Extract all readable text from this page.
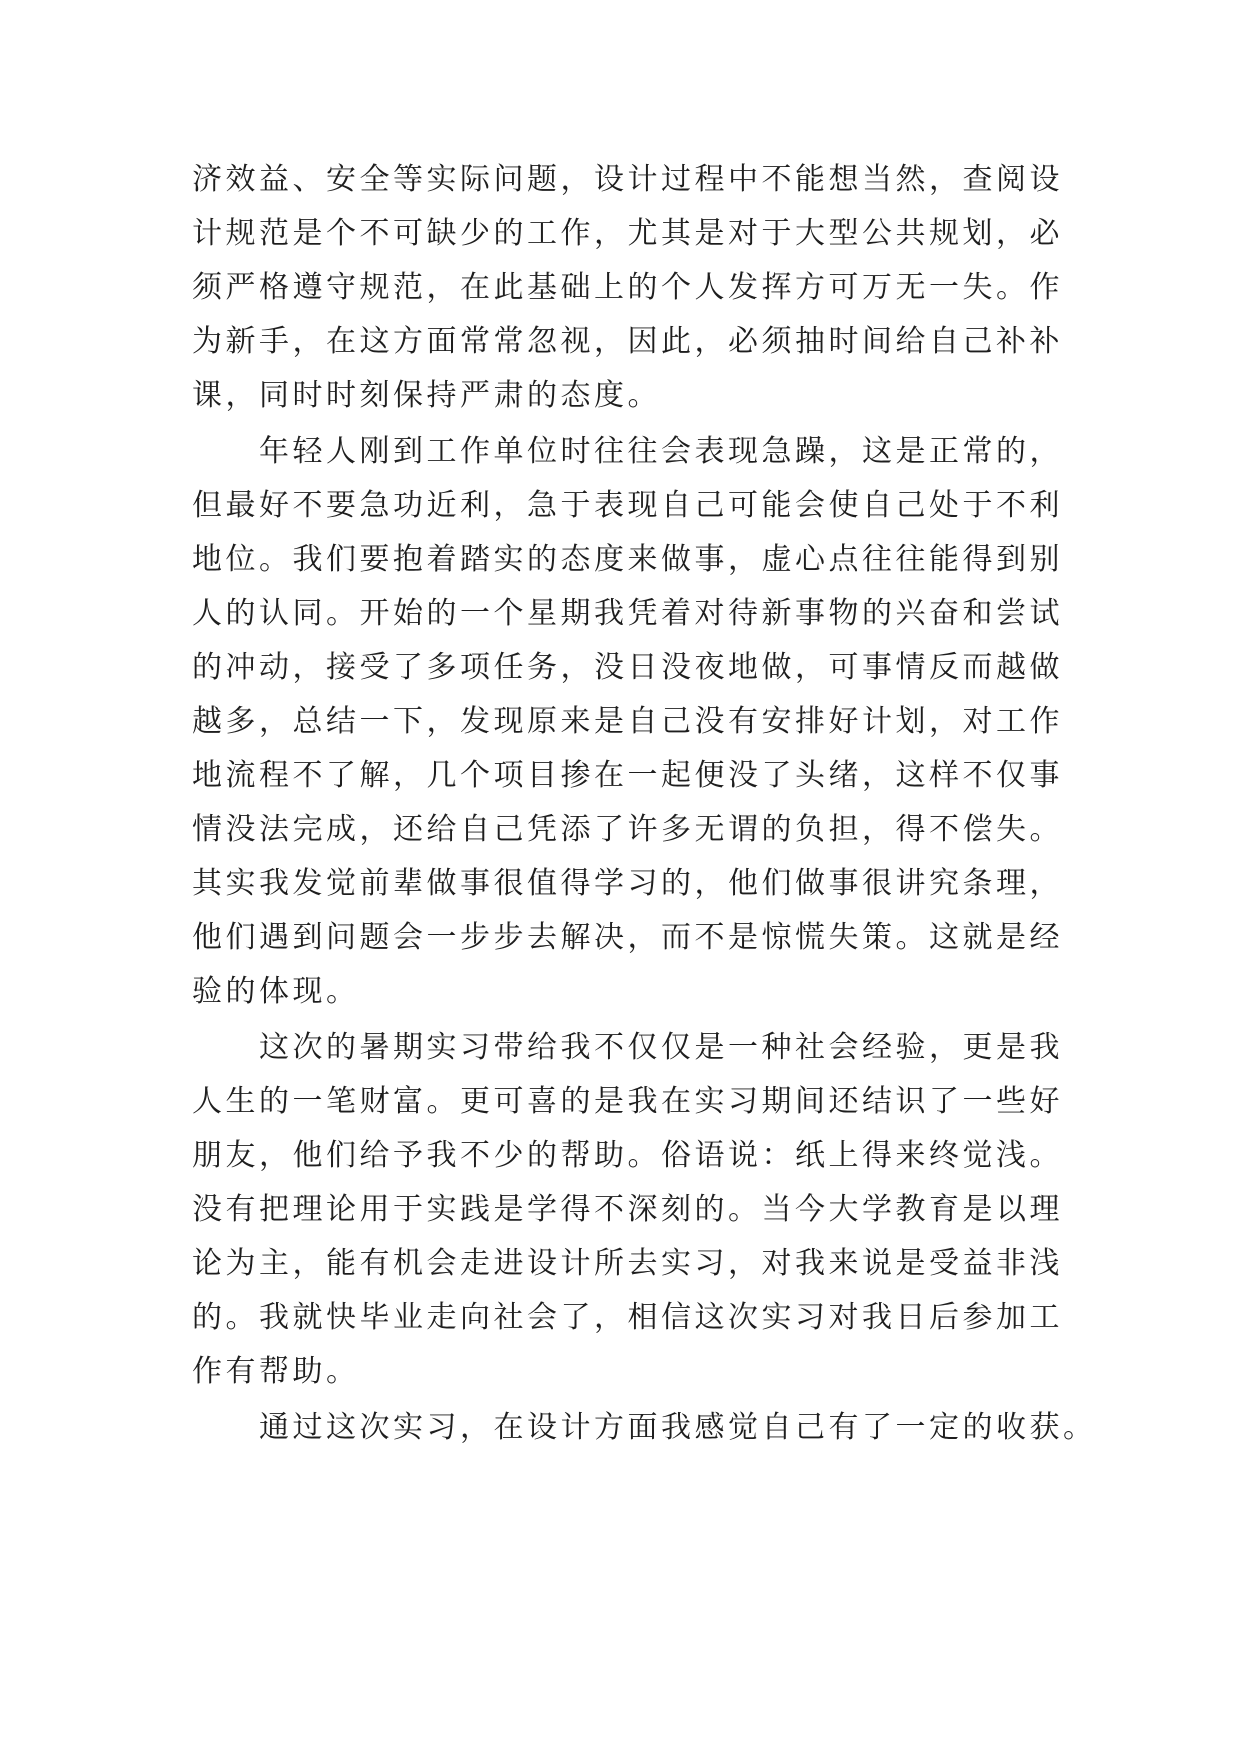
济效益、安全等实际问题，设计过程中不能想当然，查阅设
计规范是个不可缺少的工作，尤其是对于大型公共规划，必
须严格遵守规范，在此基础上的个人发挥方可万无一失。作
为新手，在这方面常常忽视，因此，必须抽时间给自己补补
课，同时时刻保持严肃的态度。
　　年轻人刚到工作单位时往往会表现急躁，这是正常的，
但最好不要急功近利，急于表现自己可能会使自己处于不利
地位。我们要抱着踏实的态度来做事，虚心点往往能得到别
人的认同。开始的一个星期我凭着对待新事物的兴奋和尝试
的冲动，接受了多项任务，没日没夜地做，可事情反而越做
越多，总结一下，发现原来是自己没有安排好计划，对工作
地流程不了解，几个项目掺在一起便没了头绪，这样不仅事
情没法完成，还给自己凭添了许多无谓的负担，得不偿失。
其实我发觉前辈做事很值得学习的，他们做事很讲究条理，
他们遇到问题会一步步去解决，而不是惊慌失策。这就是经
验的体现。
　　这次的暑期实习带给我不仅仅是一种社会经验，更是我
人生的一笔财富。更可喜的是我在实习期间还结识了一些好
朋友，他们给予我不少的帮助。俗语说：纸上得来终觉浅。
没有把理论用于实践是学得不深刻的。当今大学教育是以理
论为主，能有机会走进设计所去实习，对我来说是受益非浅
的。我就快毕业走向社会了，相信这次实习对我日后参加工
作有帮助。
　　通过这次实习，在设计方面我感觉自己有了一定的收获。
